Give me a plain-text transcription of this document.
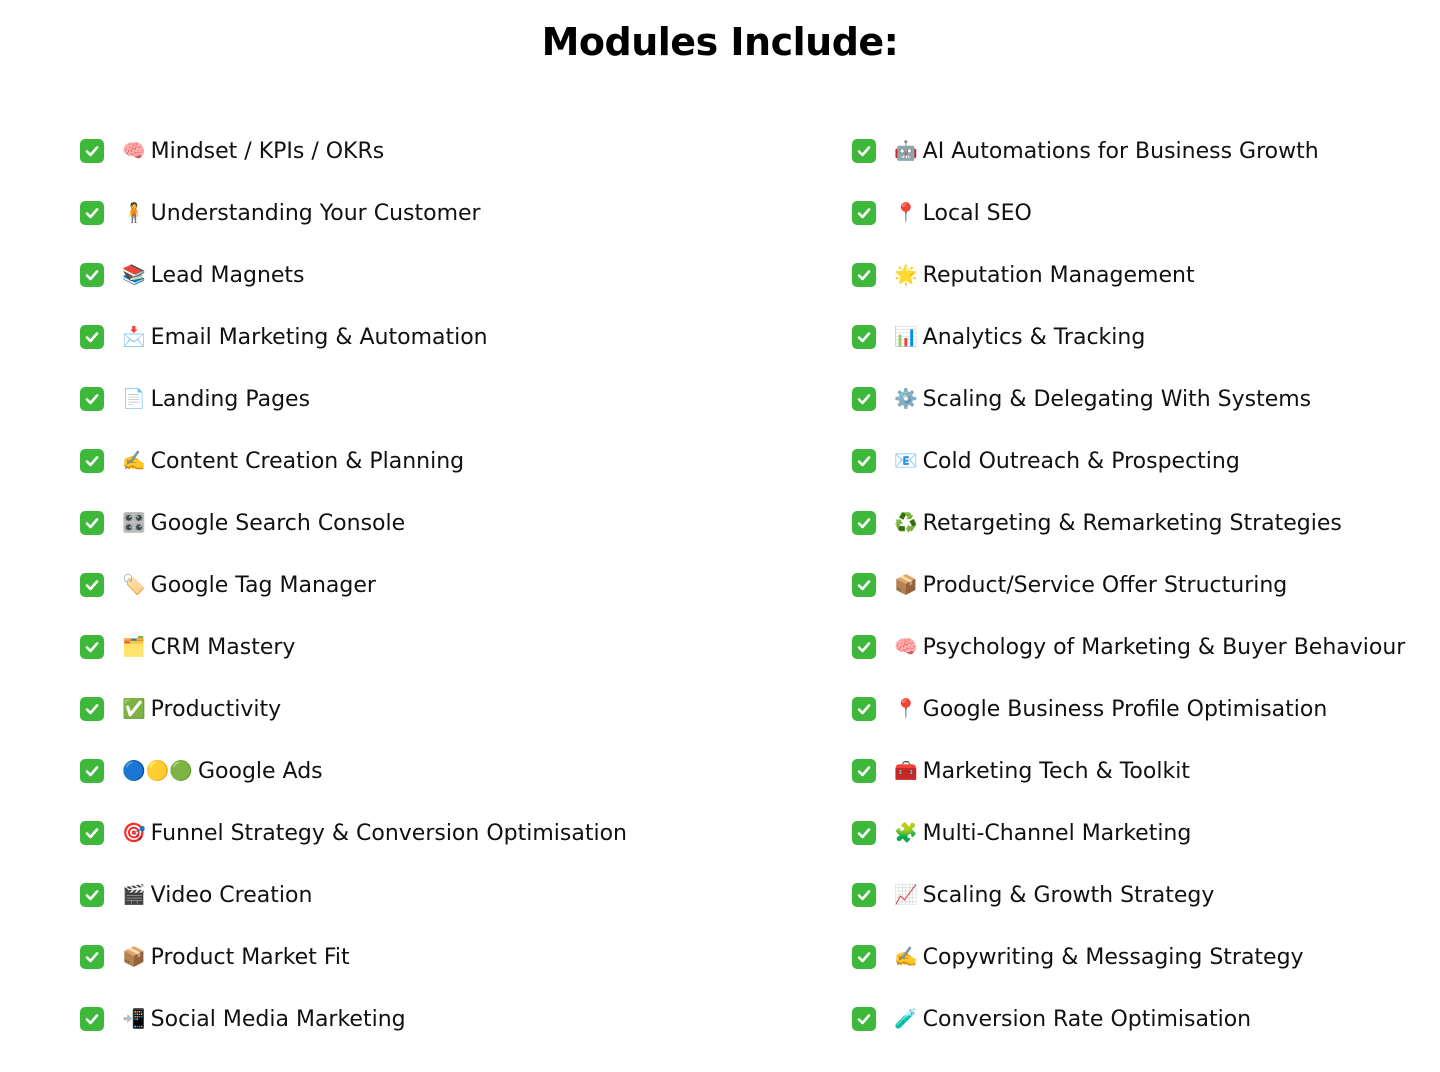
Modules Include:
🧠 Mindset / KPIs / OKRs
🧍 Understanding Your Customer
📚 Lead Magnets
📩 Email Marketing & Automation
📄 Landing Pages
✍️ Content Creation & Planning
🎛️ Google Search Console
🏷️ Google Tag Manager
🗂️ CRM Mastery
✅ Productivity
🔵🟡🟢 Google Ads
🎯 Funnel Strategy & Conversion Optimisation
🎬 Video Creation
📦 Product Market Fit
📲 Social Media Marketing
🤖 AI Automations for Business Growth
📍 Local SEO
🌟 Reputation Management
📊 Analytics & Tracking
⚙️ Scaling & Delegating With Systems
📧 Cold Outreach & Prospecting
♻️ Retargeting & Remarketing Strategies
📦 Product/Service Offer Structuring
🧠 Psychology of Marketing & Buyer Behaviour
📍 Google Business Profile Optimisation
🧰 Marketing Tech & Toolkit
🧩 Multi-Channel Marketing
📈 Scaling & Growth Strategy
✍️ Copywriting & Messaging Strategy
🧪 Conversion Rate Optimisation
